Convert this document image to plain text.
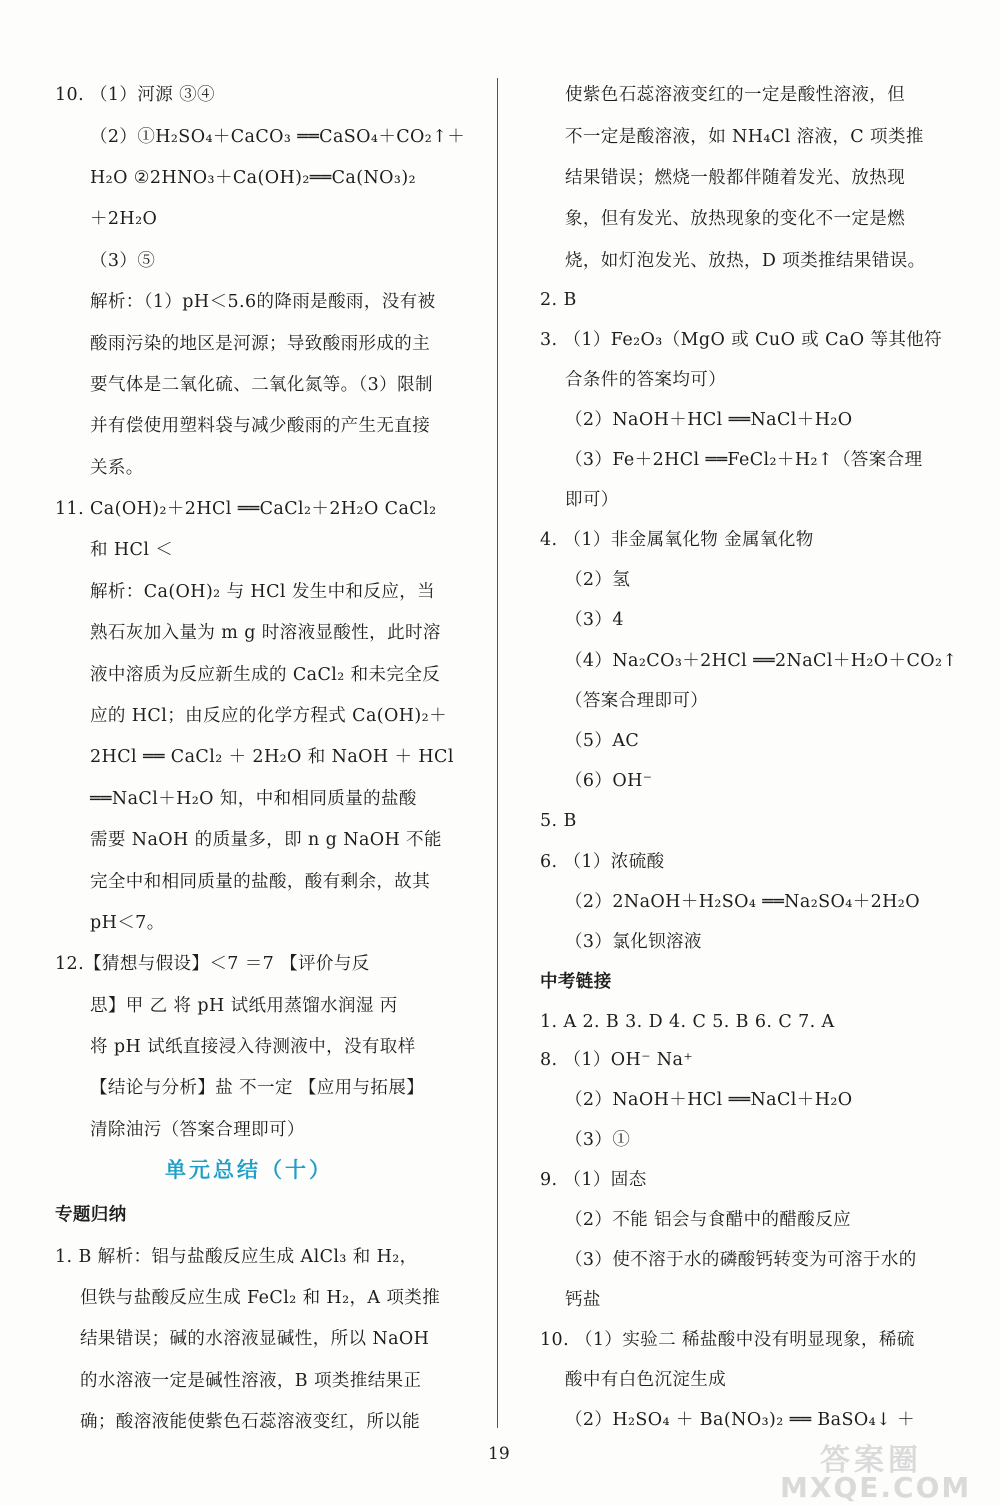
单元总结（十）
19	答案圈
MXQE.COM
10. （1）河源 ③④
（2）①H₂SO₄＋CaCO₃ ══CaSO₄＋CO₂↑＋
H₂O ②2HNO₃＋Ca(OH)₂══Ca(NO₃)₂
＋2H₂O
（3）⑤
解析：（1）pH＜5.6的降雨是酸雨，没有被
酸雨污染的地区是河源；导致酸雨形成的主
要气体是二氧化硫、二氧化氮等。（3）限制
并有偿使用塑料袋与减少酸雨的产生无直接
关系。
11. Ca(OH)₂＋2HCl ══CaCl₂＋2H₂O CaCl₂
和 HCl ＜
解析：Ca(OH)₂ 与 HCl 发生中和反应，当
熟石灰加入量为 m g 时溶液显酸性，此时溶
液中溶质为反应新生成的 CaCl₂ 和未完全反
应的 HCl；由反应的化学方程式 Ca(OH)₂＋
2HCl ══ CaCl₂ ＋ 2H₂O 和 NaOH ＋ HCl
══NaCl＋H₂O 知，中和相同质量的盐酸
需要 NaOH 的质量多，即 n g NaOH 不能
完全中和相同质量的盐酸，酸有剩余，故其
pH＜7。
12.【猜想与假设】＜7 ＝7 【评价与反
思】甲 乙 将 pH 试纸用蒸馏水润湿 丙
将 pH 试纸直接浸入待测液中，没有取样
【结论与分析】盐 不一定 【应用与拓展】
清除油污（答案合理即可）
专题归纳
1. B 解析：铝与盐酸反应生成 AlCl₃ 和 H₂，
但铁与盐酸反应生成 FeCl₂ 和 H₂，A 项类推
结果错误；碱的水溶液显碱性，所以 NaOH
的水溶液一定是碱性溶液，B 项类推结果正
确；酸溶液能使紫色石蕊溶液变红，所以能
使紫色石蕊溶液变红的一定是酸性溶液，但
不一定是酸溶液，如 NH₄Cl 溶液，C 项类推
结果错误；燃烧一般都伴随着发光、放热现
象，但有发光、放热现象的变化不一定是燃
烧，如灯泡发光、放热，D 项类推结果错误。
2. B
3. （1）Fe₂O₃（MgO 或 CuO 或 CaO 等其他符
合条件的答案均可）
（2）NaOH＋HCl ══NaCl＋H₂O
（3）Fe＋2HCl ══FeCl₂＋H₂↑（答案合理
即可）
4. （1）非金属氧化物 金属氧化物
（2）氢
（3）4
（4）Na₂CO₃＋2HCl ══2NaCl＋H₂O＋CO₂↑
（答案合理即可）
（5）AC
（6）OH⁻
5. B
6. （1）浓硫酸
（2）2NaOH＋H₂SO₄ ══Na₂SO₄＋2H₂O
（3）氯化钡溶液
中考链接
1. A 2. B 3. D 4. C 5. B 6. C 7. A
8. （1）OH⁻ Na⁺
（2）NaOH＋HCl ══NaCl＋H₂O
（3）①
9. （1）固态
（2）不能 铝会与食醋中的醋酸反应
（3）使不溶于水的磷酸钙转变为可溶于水的
钙盐
10. （1）实验二 稀盐酸中没有明显现象，稀硫
酸中有白色沉淀生成
（2）H₂SO₄ ＋ Ba(NO₃)₂ ══ BaSO₄↓ ＋
